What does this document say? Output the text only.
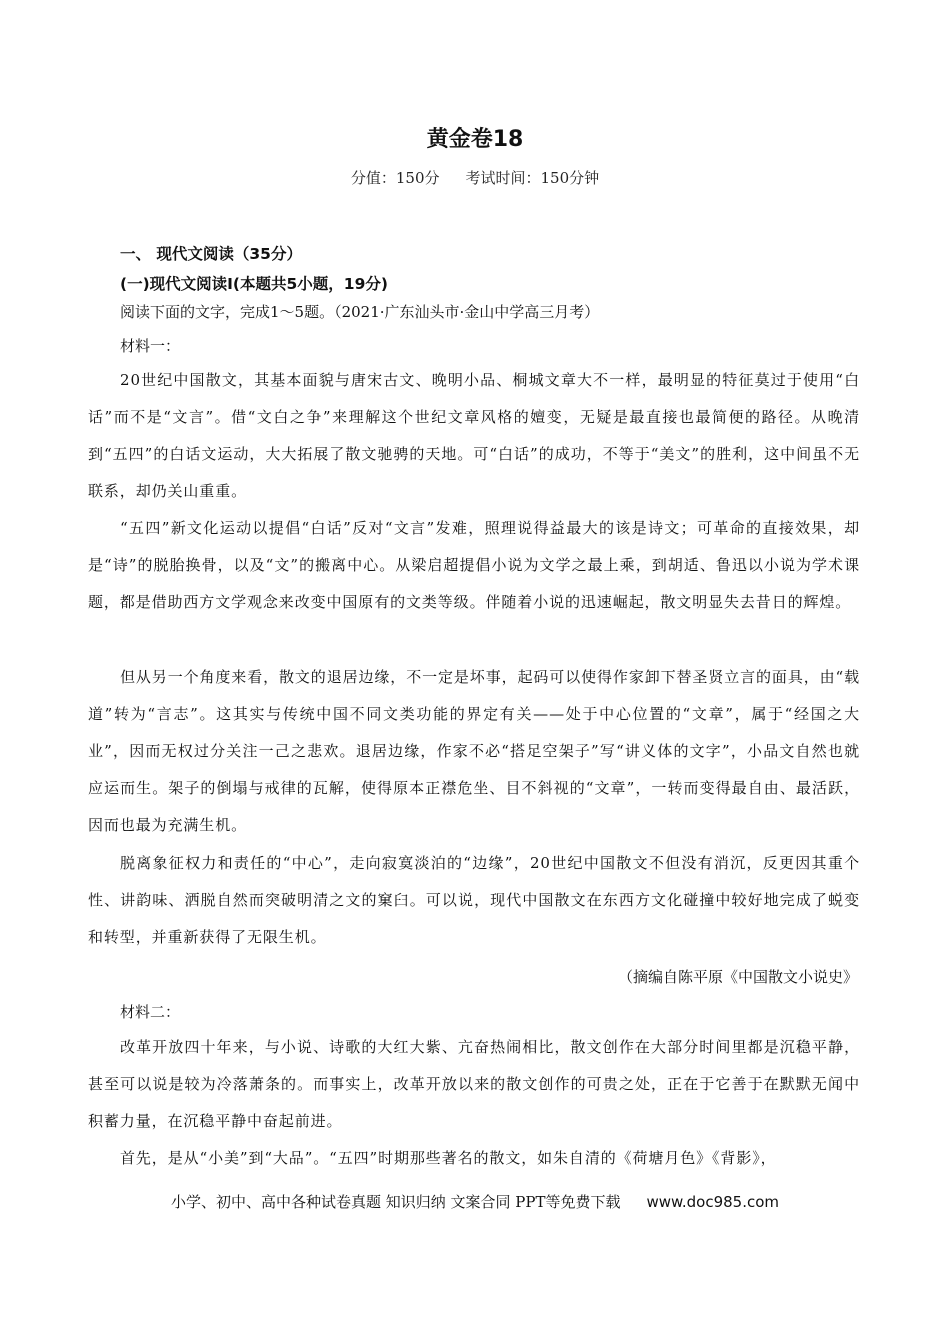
黄金卷18
分值：150分 考试时间：150分钟
一、 现代文阅读（35分）
(一)现代文阅读Ⅰ(本题共5小题，19分)
阅读下面的文字，完成1～5题。（2021·广东汕头市·金山中学高三月考）
材料一：
20世纪中国散文，其基本面貌与唐宋古文、晚明小品、桐城文章大不一样，最明显的特征莫过于使用“白话”而不是“文言”。借“文白之争”来理解这个世纪文章风格的嬗变，无疑是最直接也最简便的路径。从晚清到“五四”的白话文运动，大大拓展了散文驰骋的天地。可“白话”的成功，不等于“美文”的胜利，这中间虽不无联系，却仍关山重重。
“五四”新文化运动以提倡“白话”反对“文言”发难，照理说得益最大的该是诗文；可革命的直接效果，却是“诗”的脱胎换骨，以及“文”的搬离中心。从梁启超提倡小说为文学之最上乘，到胡适、鲁迅以小说为学术课题，都是借助西方文学观念来改变中国原有的文类等级。伴随着小说的迅速崛起，散文明显失去昔日的辉煌。
但从另一个角度来看，散文的退居边缘，不一定是坏事，起码可以使得作家卸下替圣贤立言的面具，由“载道”转为“言志”。这其实与传统中国不同文类功能的界定有关——处于中心位置的“文章”，属于“经国之大业”，因而无权过分关注一己之悲欢。退居边缘，作家不必“搭足空架子”写“讲义体的文字”，小品文自然也就应运而生。架子的倒塌与戒律的瓦解，使得原本正襟危坐、目不斜视的“文章”，一转而变得最自由、最活跃，因而也最为充满生机。
脱离象征权力和责任的“中心”，走向寂寞淡泊的“边缘”，20世纪中国散文不但没有消沉，反更因其重个性、讲韵味、洒脱自然而突破明清之文的窠臼。可以说，现代中国散文在东西方文化碰撞中较好地完成了蜕变和转型，并重新获得了无限生机。
（摘编自陈平原《中国散文小说史》
材料二：
改革开放四十年来，与小说、诗歌的大红大紫、亢奋热闹相比，散文创作在大部分时间里都是沉稳平静，甚至可以说是较为冷落萧条的。而事实上，改革开放以来的散文创作的可贵之处，正在于它善于在默默无闻中积蓄力量，在沉稳平静中奋起前进。
首先，是从“小美”到“大品”。“五四”时期那些著名的散文，如朱自清的《荷塘月色》《背影》，
小学、初中、高中各种试卷真题 知识归纳 文案合同 PPT等免费下载 www.doc985.com
